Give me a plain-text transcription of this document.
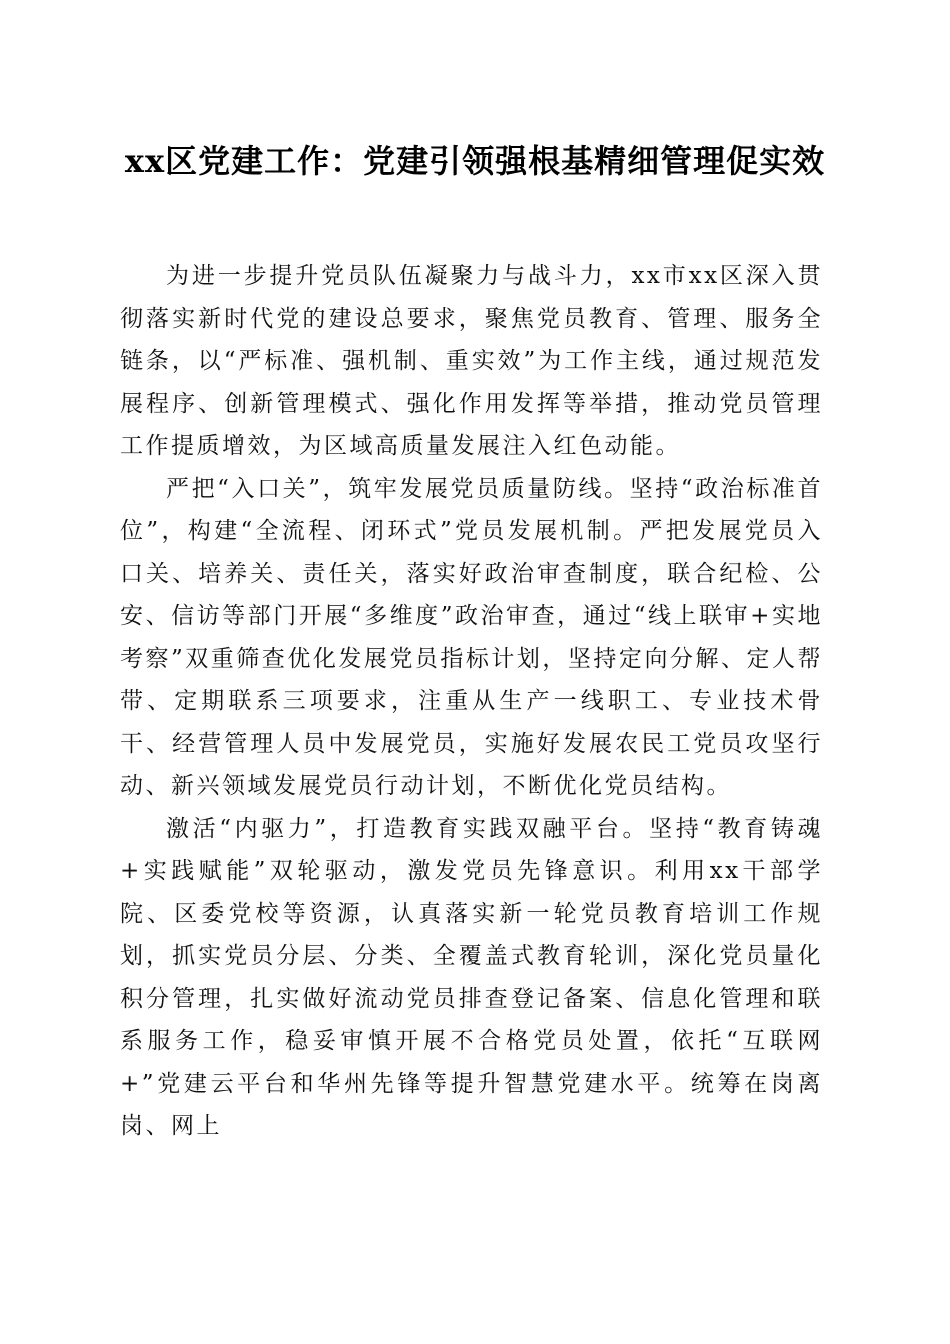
xx区党建工作：党建引领强根基精细管理促实效

为进一步提升党员队伍凝聚力与战斗力，xx市xx区深入贯彻落实新时代党的建设总要求，聚焦党员教育、管理、服务全链条，以“严标准、强机制、重实效”为工作主线，通过规范发展程序、创新管理模式、强化作用发挥等举措，推动党员管理工作提质增效，为区域高质量发展注入红色动能。

严把“入口关”，筑牢发展党员质量防线。坚持“政治标准首位”，构建“全流程、闭环式”党员发展机制。严把发展党员入口关、培养关、责任关，落实好政治审查制度，联合纪检、公安、信访等部门开展“多维度”政治审查，通过“线上联审+实地考察”双重筛查优化发展党员指标计划，坚持定向分解、定人帮带、定期联系三项要求，注重从生产一线职工、专业技术骨干、经营管理人员中发展党员，实施好发展农民工党员攻坚行动、新兴领域发展党员行动计划，不断优化党员结构。

激活“内驱力”，打造教育实践双融平台。坚持“教育铸魂+实践赋能”双轮驱动，激发党员先锋意识。利用xx干部学院、区委党校等资源，认真落实新一轮党员教育培训工作规划，抓实党员分层、分类、全覆盖式教育轮训，深化党员量化积分管理，扎实做好流动党员排查登记备案、信息化管理和联系服务工作，稳妥审慎开展不合格党员处置，依托“互联网+”党建云平台和华州先锋等提升智慧党建水平。统筹在岗离岗、网上
